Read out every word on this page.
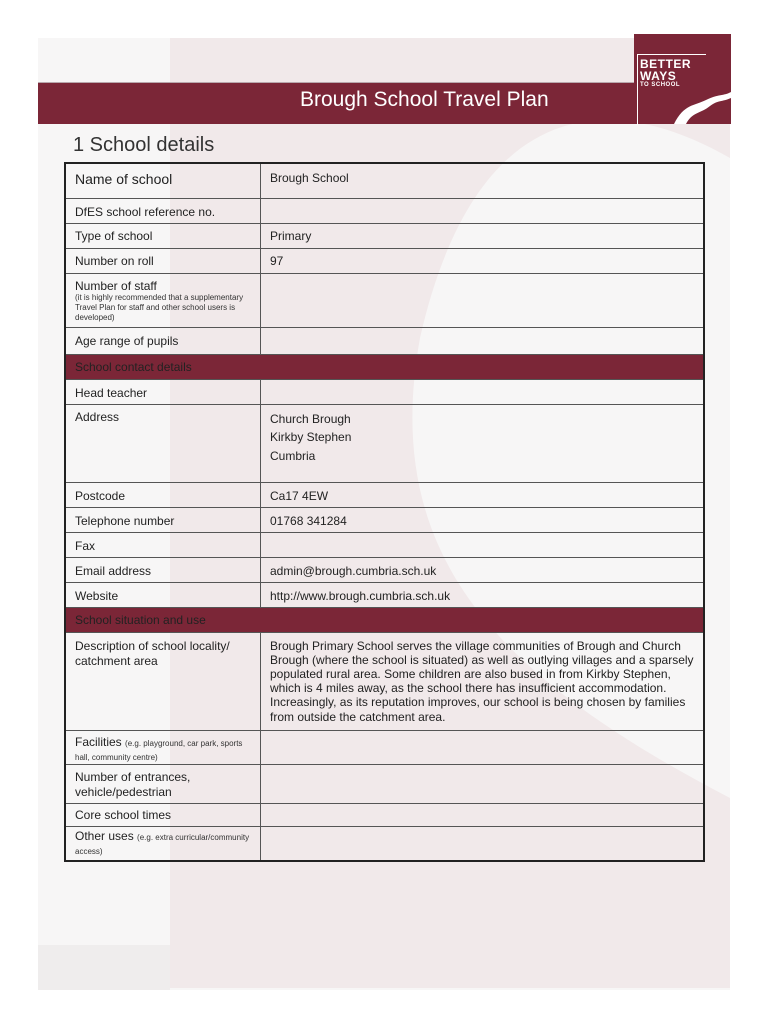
Brough School Travel Plan
BETTER
WAYS
TO SCHOOL
1 School details
Name of school	Brough School
DfES school reference no.	
Type of school	Primary
Number on roll	97
Number of staff
(it is highly recommended that a supplementary Travel Plan for staff and other school users is developed)	

Age range of pupils	
School contact details	
Head teacher	
Address	Church Brough
Kirkby Stephen
Cumbria

Postcode	Ca17 4EW
Telephone number	01768 341284
Fax	
Email address	admin@brough.cumbria.sch.uk
Website	http://www.brough.cumbria.sch.uk
School situation and use	
Description of school locality/ catchment area	Brough Primary School serves the village communities of Brough and Church Brough (where the school is situated) as well as outlying villages and a sparsely populated rural area. Some children are also bused in from Kirkby Stephen, which is 4 miles away, as the school there has insufficient accommodation. Increasingly, as its reputation improves, our school is being chosen by families from outside the catchment area.
Facilities (e.g. playground, car park, sports hall, community centre)	
Number of entrances, vehicle/pedestrian	
Core school times	
Other uses (e.g. extra curricular/community access)	
